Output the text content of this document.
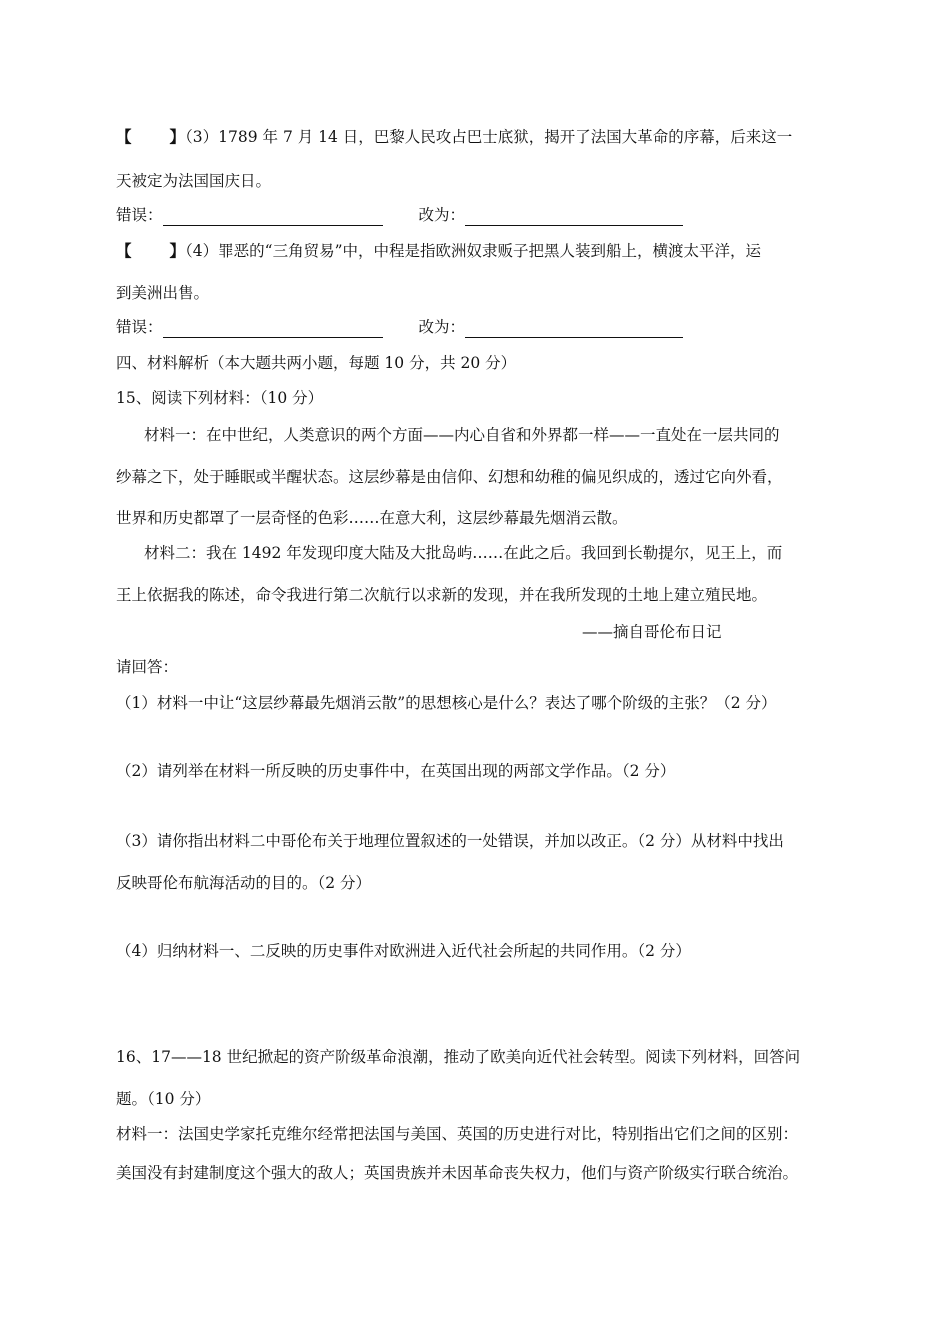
【 】（3）1789 年 7 月 14 日，巴黎人民攻占巴士底狱，揭开了法国大革命的序幕，后来这一
天被定为法国国庆日。
错误：	改为：
【 】（4）罪恶的“三角贸易”中，中程是指欧洲奴隶贩子把黑人装到船上，横渡太平洋，运
到美洲出售。
错误：	改为：
四、材料解析（本大题共两小题，每题 10 分，共 20 分）
15、阅读下列材料：（10 分）
材料一：在中世纪，人类意识的两个方面——内心自省和外界都一样——一直处在一层共同的
纱幕之下，处于睡眠或半醒状态。这层纱幕是由信仰、幻想和幼稚的偏见织成的，透过它向外看，
世界和历史都罩了一层奇怪的色彩……在意大利，这层纱幕最先烟消云散。
材料二：我在 1492 年发现印度大陆及大批岛屿……在此之后。我回到长勒提尔，见王上，而
王上依据我的陈述，命令我进行第二次航行以求新的发现，并在我所发现的土地上建立殖民地。
——摘自哥伦布日记
请回答：
（1）材料一中让“这层纱幕最先烟消云散”的思想核心是什么？表达了哪个阶级的主张？（2 分）
（2）请列举在材料一所反映的历史事件中，在英国出现的两部文学作品。（2 分）
（3）请你指出材料二中哥伦布关于地理位置叙述的一处错误，并加以改正。（2 分）从材料中找出
反映哥伦布航海活动的目的。（2 分）
（4）归纳材料一、二反映的历史事件对欧洲进入近代社会所起的共同作用。（2 分）
16、17——18 世纪掀起的资产阶级革命浪潮，推动了欧美向近代社会转型。阅读下列材料，回答问
题。（10 分）
材料一：法国史学家托克维尔经常把法国与美国、英国的历史进行对比，特别指出它们之间的区别：
美国没有封建制度这个强大的敌人；英国贵族并未因革命丧失权力，他们与资产阶级实行联合统治。
